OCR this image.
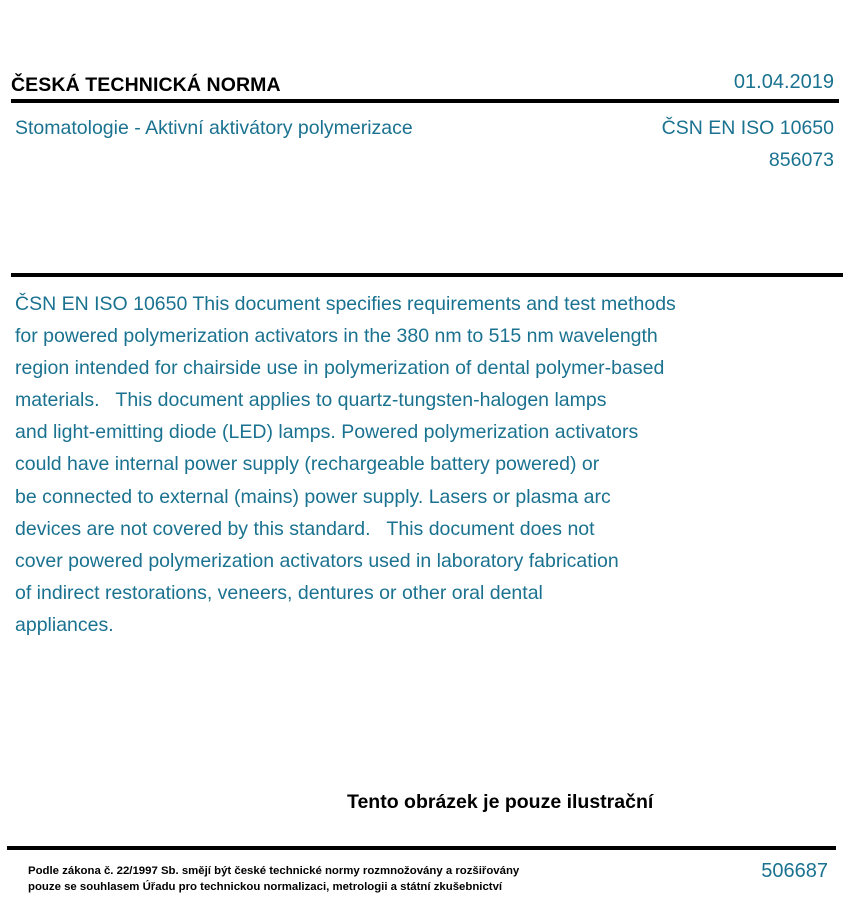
ČESKÁ TECHNICKÁ NORMA	01.04.2019
Stomatologie - Aktivní aktivátory polymerizace	ČSN EN ISO 10650
856073
ČSN EN ISO 10650 This document specifies requirements and test methods
for powered polymerization activators in the 380 nm to 515 nm wavelength
region intended for chairside use in polymerization of dental polymer-based
materials.   This document applies to quartz-tungsten-halogen lamps
and light-emitting diode (LED) lamps. Powered polymerization activators
could have internal power supply (rechargeable battery powered) or
be connected to external (mains) power supply. Lasers or plasma arc
devices are not covered by this standard.   This document does not
cover powered polymerization activators used in laboratory fabrication
of indirect restorations, veneers, dentures or other oral dental
appliances.
Tento obrázek je pouze ilustrační
Podle zákona č. 22/1997 Sb. smějí být české technické normy rozmnožovány a rozšiřovány
pouze se souhlasem Úřadu pro technickou normalizaci, metrologii a státní zkušebnictví
506687
